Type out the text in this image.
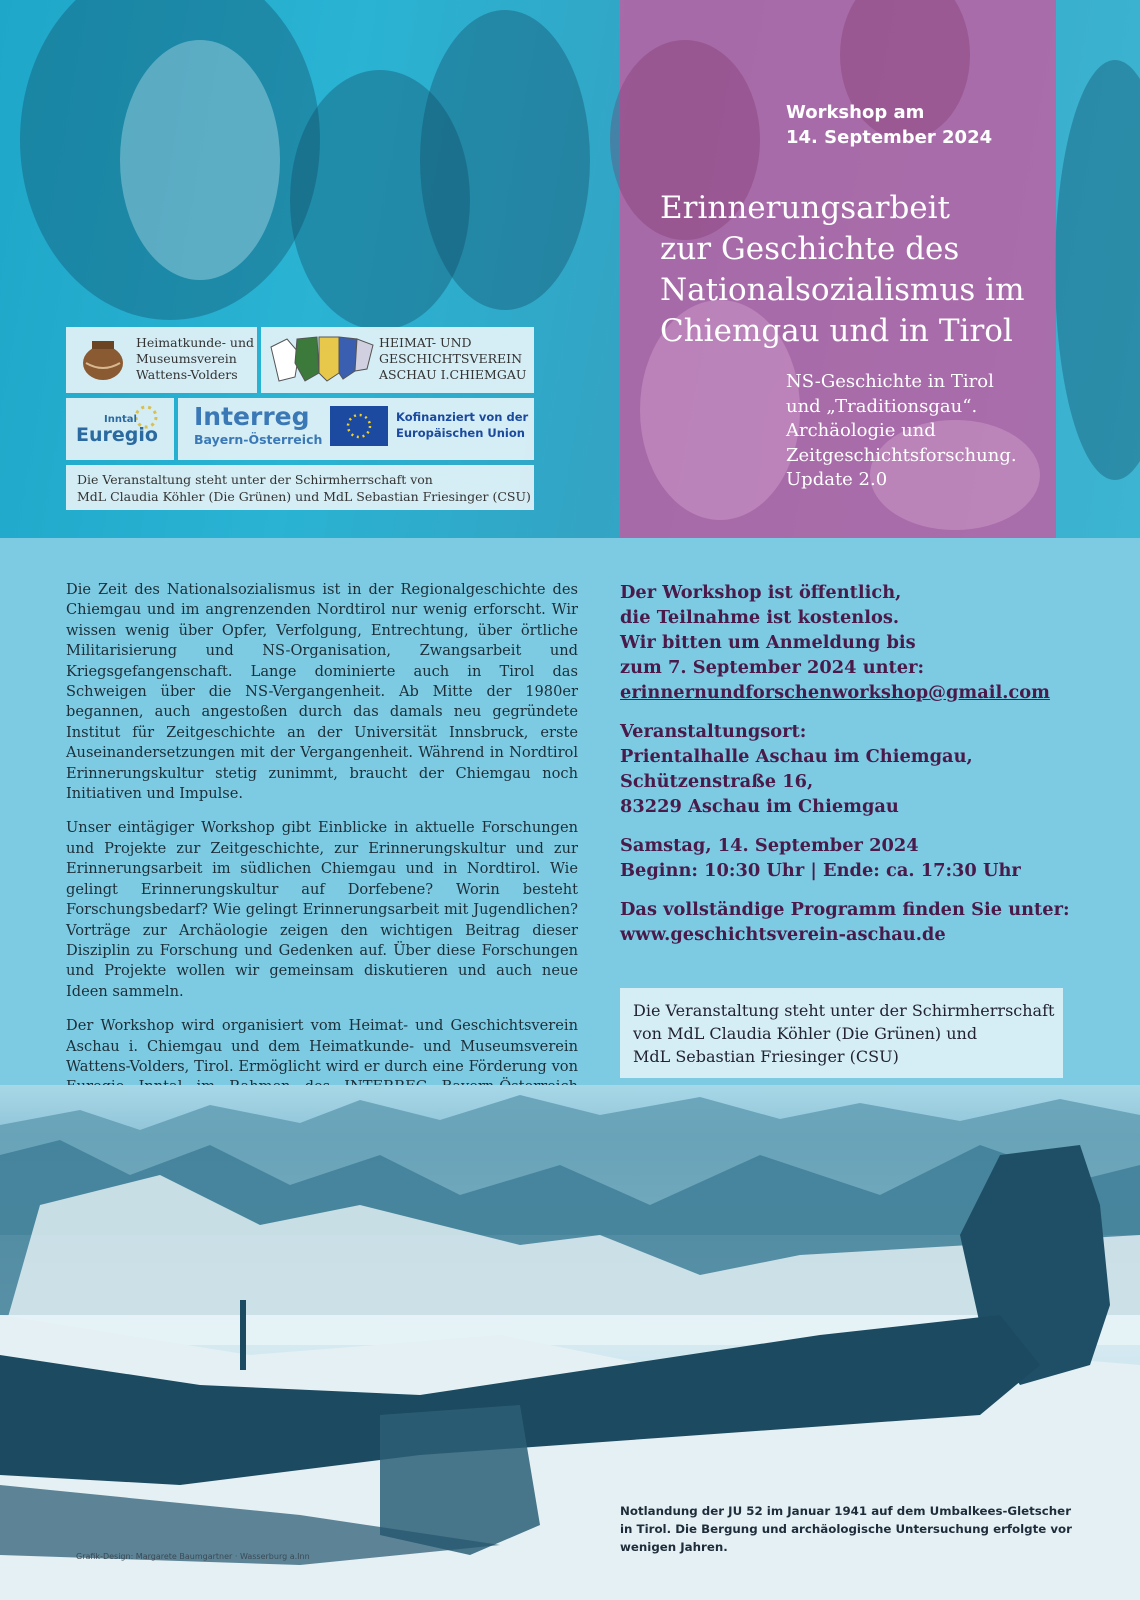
Workshop am
14. September 2024
Erinnerungsarbeit
zur Geschichte des
Nationalsozialismus im
Chiemgau und in Tirol
NS-Geschichte in Tirol
und „Traditionsgau“.
Archäologie und
Zeitgeschichtsforschung.
Update 2.0
Heimatkunde- und
Museumsverein
Wattens-Volders
HEIMAT- UND
GESCHICHTSVEREIN
ASCHAU I.CHIEMGAU
Inntal
Euregio
Interreg
Bayern-Österreich
Kofinanziert von der
Europäischen Union
Die Veranstaltung steht unter der Schirmherrschaft von
MdL Claudia Köhler (Die Grünen) und MdL Sebastian Friesinger (CSU)

Die Zeit des Nationalsozialismus ist in der Regionalgeschichte des Chiemgau und im angrenzenden Nordtirol nur wenig erforscht. Wir wissen wenig über Opfer, Verfolgung, Entrechtung, über örtliche Militarisierung und NS-Organisation, Zwangsarbeit und Kriegsgefangenschaft. Lange dominierte auch in Tirol das Schweigen über die NS-Vergangenheit. Ab Mitte der 1980er begannen, auch angestoßen durch das damals neu gegründete Institut für Zeitgeschichte an der Universität Innsbruck, erste Auseinandersetzungen mit der Vergangenheit. Während in Nordtirol Erinnerungskultur stetig zunimmt, braucht der Chiemgau noch Initiativen und Impulse.

Unser eintägiger Workshop gibt Einblicke in aktuelle Forschungen und Projekte zur Zeitgeschichte, zur Erinnerungskultur und zur Erinnerungsarbeit im südlichen Chiemgau und in Nordtirol. Wie gelingt Erinnerungskultur auf Dorfebene? Worin besteht Forschungsbedarf? Wie gelingt Erinnerungsarbeit mit Jugendlichen? Vorträge zur Archäologie zeigen den wichtigen Beitrag dieser Disziplin zu Forschung und Gedenken auf. Über diese Forschungen und Projekte wollen wir gemeinsam diskutieren und auch neue Ideen sammeln.

Der Workshop wird organisiert vom Heimat- und Geschichtsverein Aschau i. Chiemgau und dem Heimatkunde- und Museumsverein Wattens-Volders, Tirol. Ermöglicht wird er durch eine Förderung von

Der Workshop ist öffentlich,
die Teilnahme ist kostenlos.
Wir bitten um Anmeldung bis
zum 7. September 2024 unter:
erinnernundforschenworkshop@gmail.com
Veranstaltungsort:
Prientalhalle Aschau im Chiemgau,
Schützenstraße 16,
83229 Aschau im Chiemgau
Samstag, 14. September 2024
Beginn: 10:30 Uhr | Ende: ca. 17:30 Uhr
Das vollständige Programm finden Sie unter:
www.geschichtsverein-aschau.de
Die Veranstaltung steht unter der Schirmherrschaft
von MdL Claudia Köhler (Die Grünen) und
MdL Sebastian Friesinger (CSU)
Notlandung der JU 52 im Januar 1941 auf dem Umbalkees-Gletscher
in Tirol. Die Bergung und archäologische Untersuchung erfolgte vor
wenigen Jahren.
Grafik-Design: Margarete Baumgartner · Wasserburg a.Inn
